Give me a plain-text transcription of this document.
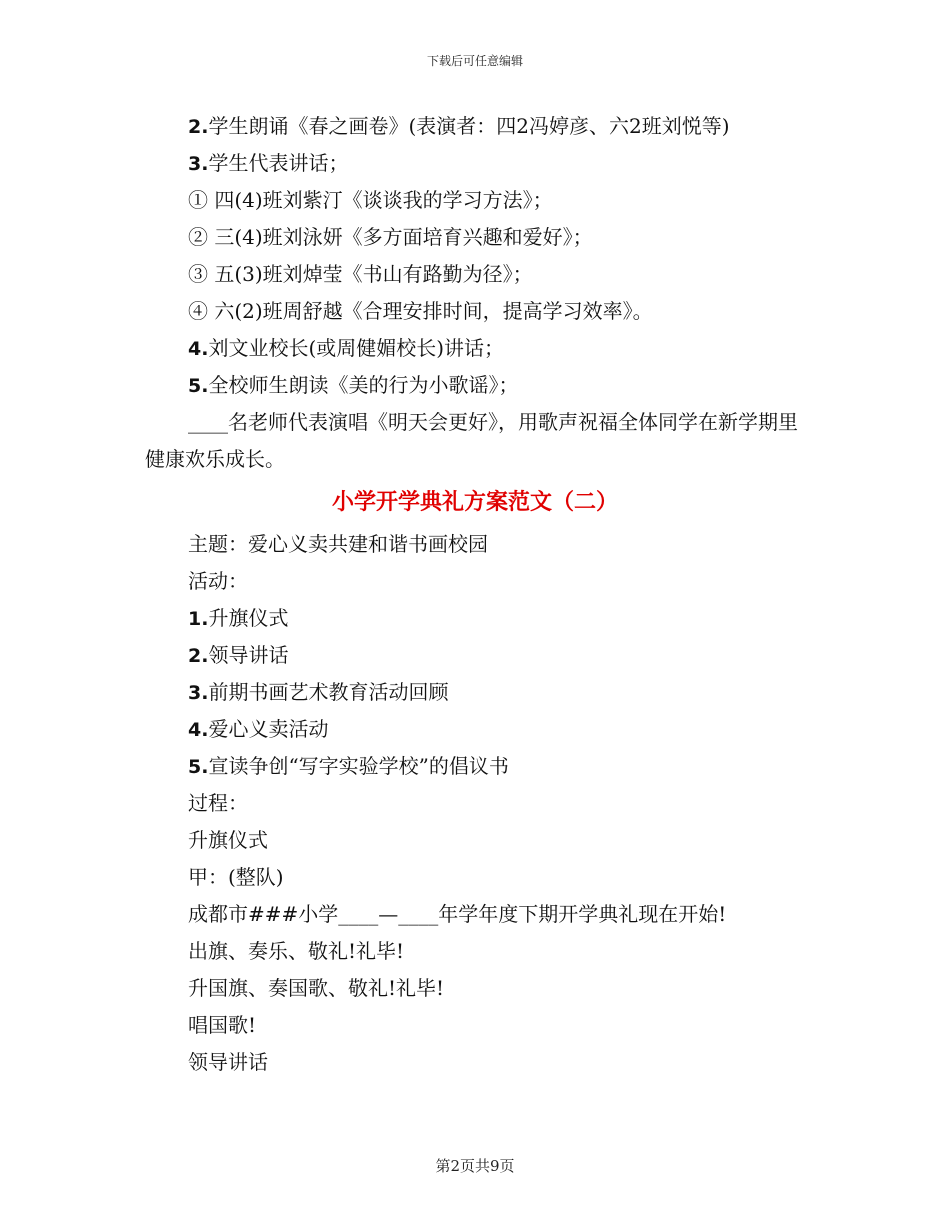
下载后可任意编辑
2.学生朗诵《春之画卷》(表演者：四2冯婷彦、六2班刘悦等)
3.学生代表讲话；
① 四(4)班刘紫汀《谈谈我的学习方法》；
② 三(4)班刘泳妍《多方面培育兴趣和爱好》；
③ 五(3)班刘焯莹《书山有路勤为径》；
④ 六(2)班周舒越《合理安排时间，提高学习效率》。
4.刘文业校长(或周健媚校长)讲话；
5.全校师生朗读《美的行为小歌谣》；
____名老师代表演唱《明天会更好》，用歌声祝福全体同学在新学期里健康欢乐成长。
小学开学典礼方案范文（二）
主题：爱心义卖共建和谐书画校园
活动：
1.升旗仪式
2.领导讲话
3.前期书画艺术教育活动回顾
4.爱心义卖活动
5.宣读争创“写字实验学校”的倡议书
过程：
升旗仪式
甲：(整队)
成都市###小学____—____年学年度下期开学典礼现在开始!
出旗、奏乐、敬礼!礼毕!
升国旗、奏国歌、敬礼!礼毕!
唱国歌!
领导讲话
第2页共9页
